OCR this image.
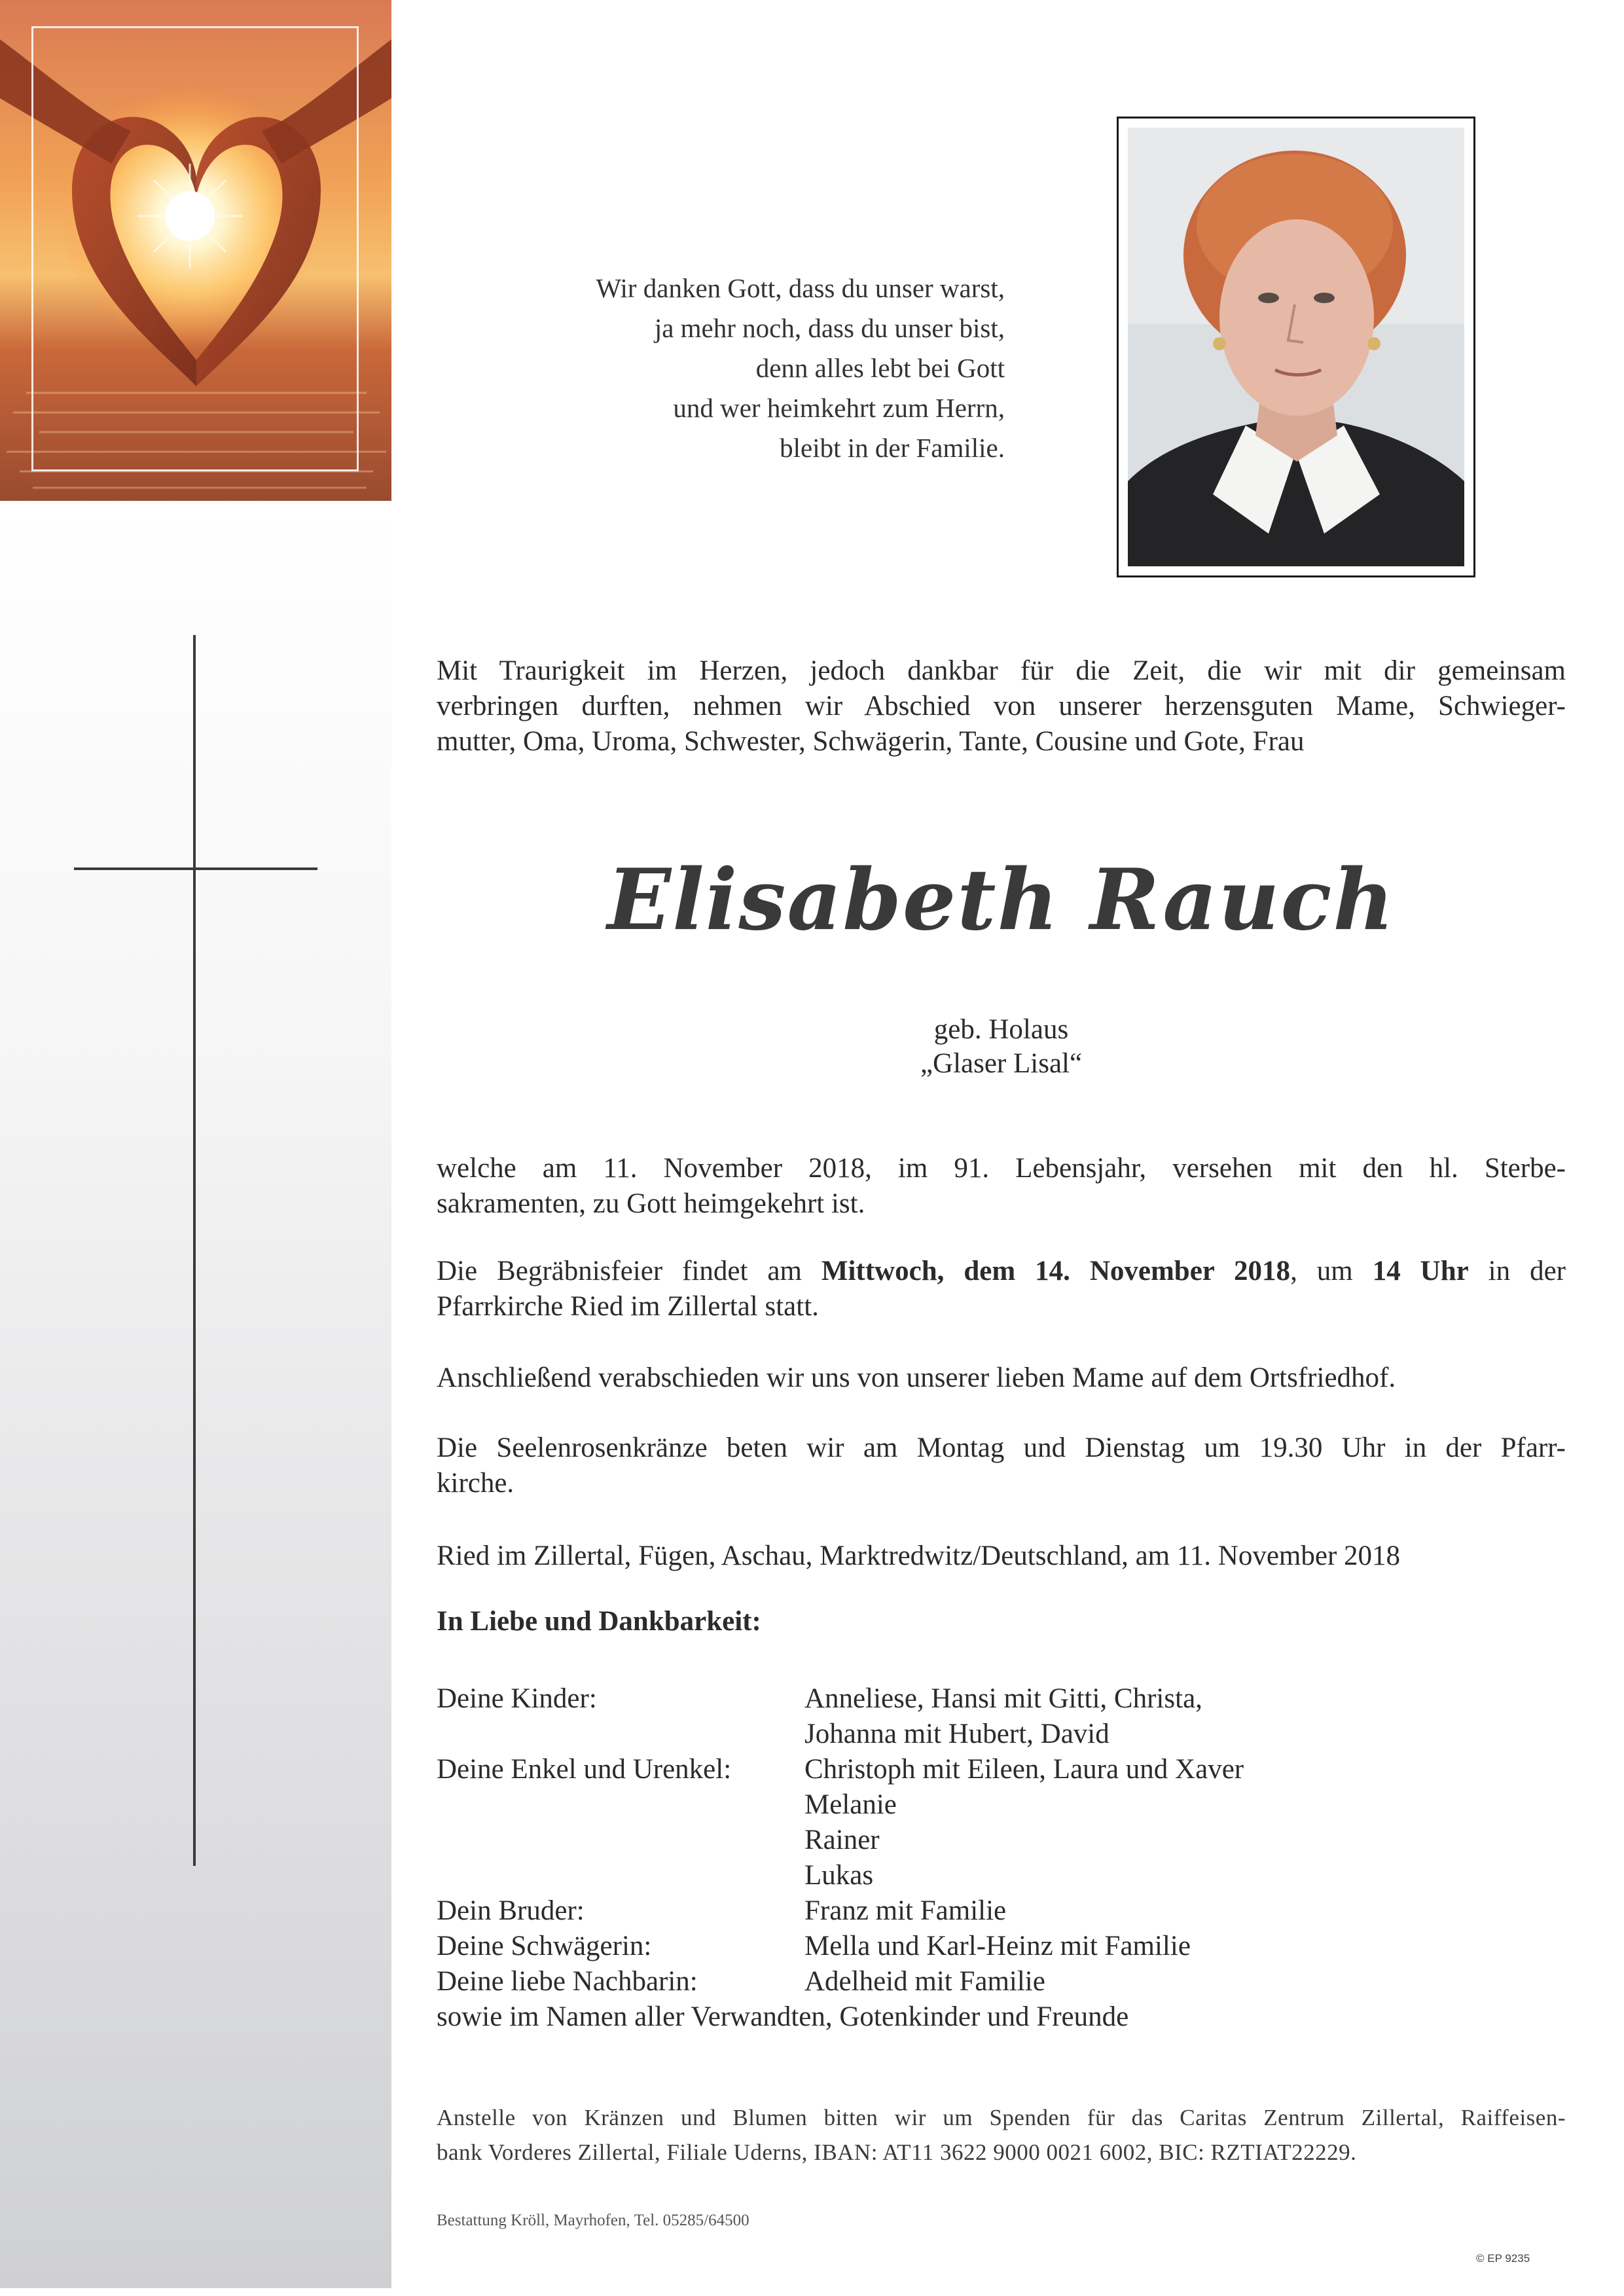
Wir danken Gott, dass du unser warst,
ja mehr noch, dass du unser bist,
denn alles lebt bei Gott
und wer heimkehrt zum Herrn,
bleibt in der Familie.
Mit Traurigkeit im Herzen, jedoch dankbar für die Zeit, die wir mit dir gemeinsam
verbringen durften, nehmen wir Abschied von unserer herzensguten Mame, Schwieger-
mutter, Oma, Uroma, Schwester, Schwägerin, Tante, Cousine und Gote, Frau
Elisabeth Rauch
geb. Holaus
„Glaser Lisal“
welche am 11. November 2018, im 91. Lebensjahr, versehen mit den hl. Sterbe-
sakramenten, zu Gott heimgekehrt ist.
Die Begräbnisfeier findet am Mittwoch, dem 14. November 2018, um 14 Uhr in der
Pfarrkirche Ried im Zillertal statt.
Anschließend verabschieden wir uns von unserer lieben Mame auf dem Ortsfriedhof.
Die Seelenrosenkränze beten wir am Montag und Dienstag um 19.30 Uhr in der Pfarr-
kirche.
Ried im Zillertal, Fügen, Aschau, Marktredwitz/Deutschland, am 11. November 2018
In Liebe und Dankbarkeit:
Deine Kinder:	Anneliese, Hansi mit Gitti, Christa,
Johanna mit Hubert, David
Deine Enkel und Urenkel:	Christoph mit Eileen, Laura und Xaver
Melanie
Rainer
Lukas
Dein Bruder:	Franz mit Familie
Deine Schwägerin:	Mella und Karl-Heinz mit Familie
Deine liebe Nachbarin:	Adelheid mit Familie
sowie im Namen aller Verwandten, Gotenkinder und Freunde
Anstelle von Kränzen und Blumen bitten wir um Spenden für das Caritas Zentrum Zillertal, Raiffeisen-
bank Vorderes Zillertal, Filiale Uderns, IBAN: AT11 3622 9000 0021 6002, BIC: RZTIAT22229.
Bestattung Kröll, Mayrhofen, Tel. 05285/64500
© EP 9235
